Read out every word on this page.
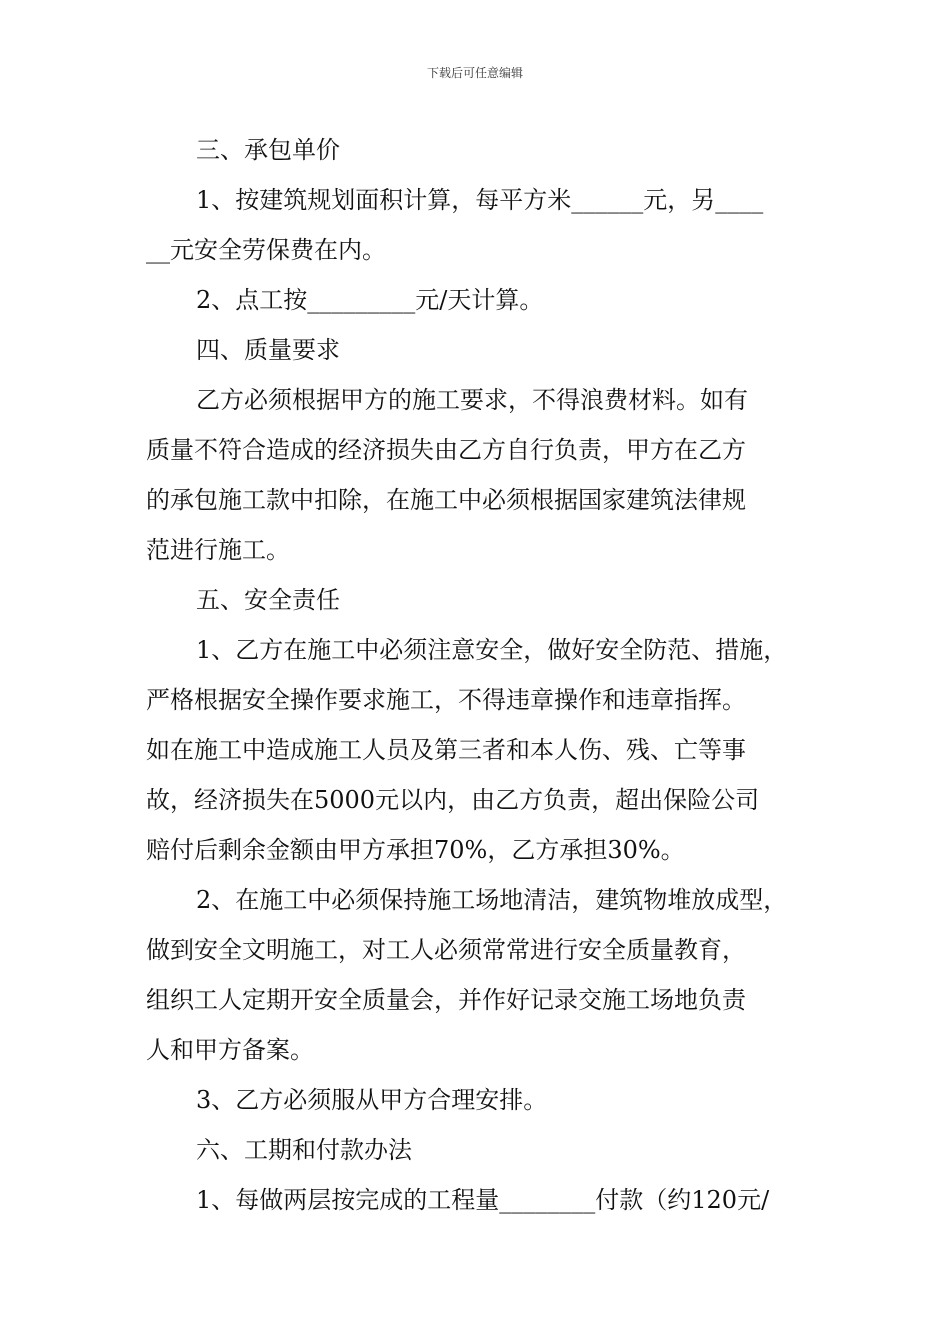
下载后可任意编辑
三、承包单价
1、按建筑规划面积计算，每平方米______元，另____
__元安全劳保费在内。
2、点工按_________元/天计算。
四、质量要求
乙方必须根据甲方的施工要求，不得浪费材料。如有
质量不符合造成的经济损失由乙方自行负责，甲方在乙方
的承包施工款中扣除，在施工中必须根据国家建筑法律规
范进行施工。
五、安全责任
1、乙方在施工中必须注意安全，做好安全防范、措施，
严格根据安全操作要求施工，不得违章操作和违章指挥。
如在施工中造成施工人员及第三者和本人伤、残、亡等事
故，经济损失在5000元以内，由乙方负责，超出保险公司
赔付后剩余金额由甲方承担70%，乙方承担30%。
2、在施工中必须保持施工场地清洁，建筑物堆放成型，
做到安全文明施工，对工人必须常常进行安全质量教育，
组织工人定期开安全质量会，并作好记录交施工场地负责
人和甲方备案。
3、乙方必须服从甲方合理安排。
六、工期和付款办法
1、每做两层按完成的工程量________付款（约120元/
